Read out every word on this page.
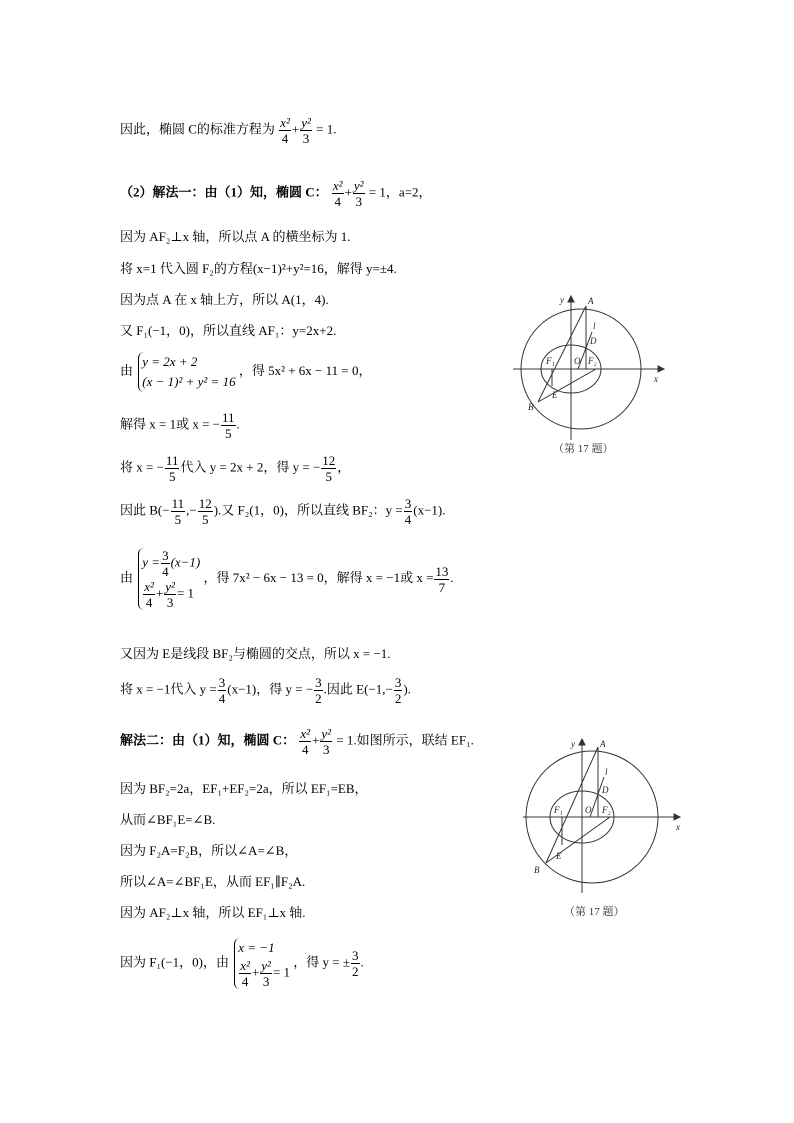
因此，椭圆 C的标准方程为 $\frac{\text{x²}}{4} + \frac{\text{y²}}{3} = 1$.
（2）解法一：由（1）知，椭圆 C： $\frac{\text{x²}}{4} + \frac{\text{y²}}{3} = 1$，a=2，
因为 AF₂⊥x 轴，所以点 A 的横坐标为 1.
将 x=1 代入圆 F₂的方程(x−1)²+y²=16，解得 y=±4.
因为点 A 在 x 轴上方，所以 A(1，4).
又 F₁(−1，0)，所以直线 AF₁：y=2x+2.
由
y = 2x + 2
(x − 1)² + y² = 16
，得 5x² + 6x − 11 = 0，
解得 x = 1或 x = − $\frac{11}{5}$ .
将 x = − $\frac{11}{5}$ 代入 y = 2x + 2，得 y = − $\frac{12}{5}$ ，
因此 $B(- \frac{11}{5}$ ,− $\frac{12}{5}$ ).又 F₂(1，0)，所以直线 BF₂：$y = \frac{3}{4} (x-1)$.
由
$y = \frac{3}{4} (x-1)$
$\frac{\text{x²}}{4} + \frac{\text{y²}}{3} = 1$
，得 7x² − 6x − 13 = 0，解得 x = −1或 $x = \frac{13}{7}$ .
又因为 E是线段 BF₂与椭圆的交点，所以 x = −1.
将 x = −1代入 $y = \frac{3}{4} (x-1)$，得 y = − $\frac{3}{2}$ .因此 $E(-1,- \frac{3}{2}$ ).
解法二：由（1）知，椭圆 C： $\frac{\text{x²}}{4} + \frac{\text{y²}}{3} = 1$.如图所示，联结 EF₁.
因为 BF₂=2a，EF₁+EF₂=2a，所以 EF₁=EB，
从而∠BF₁E=∠B.
因为 F₂A=F₂B，所以∠A=∠B，
所以∠A=∠BF₁E，从而 EF₁∥F₂A.
因为 AF₂⊥x 轴，所以 EF₁⊥x 轴.
因为 F₁(−1，0)，由
x = −1
$\frac{\text{x²}}{4} + \frac{\text{y²}}{3} = 1$
，得 y = ± $\frac{3}{2}$ .
y	A
l
D
F₁ O F₂
x
E
B
（第 17 题）
y	A
l
D
F₁ O F₂
x
E
B
（第 17 题）
